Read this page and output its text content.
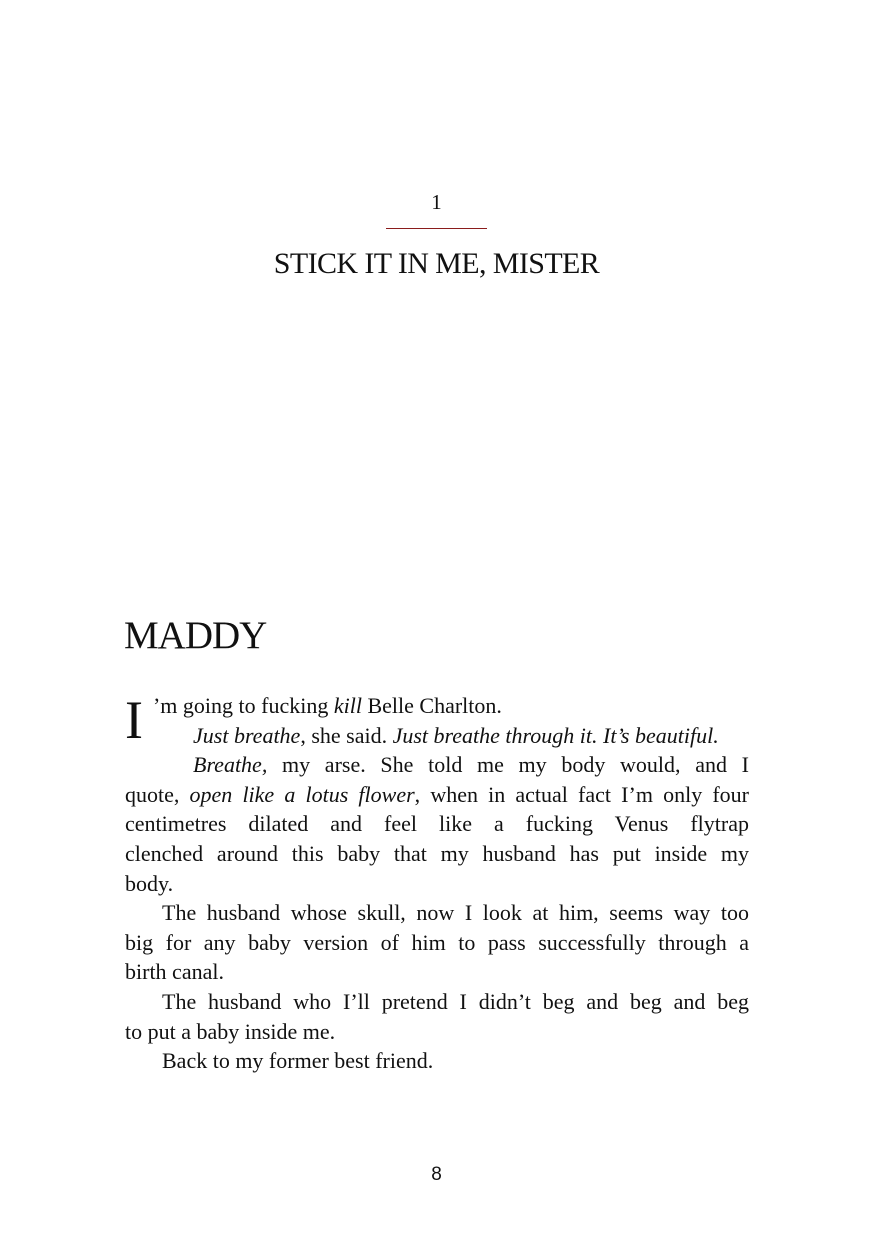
1
STICK IT IN ME, MISTER
MADDY
I ’m going to fucking kill Belle Charlton.
Just breathe, she said. Just breathe through it. It’s beautiful.
Breathe, my arse. She told me my body would, and I
quote, open like a lotus flower, when in actual fact I’m only four
centimetres dilated and feel like a fucking Venus flytrap
clenched around this baby that my husband has put inside my
body.
The husband whose skull, now I look at him, seems way too
big for any baby version of him to pass successfully through a
birth canal.
The husband who I’ll pretend I didn’t beg and beg and beg
to put a baby inside me.
Back to my former best friend.
8
